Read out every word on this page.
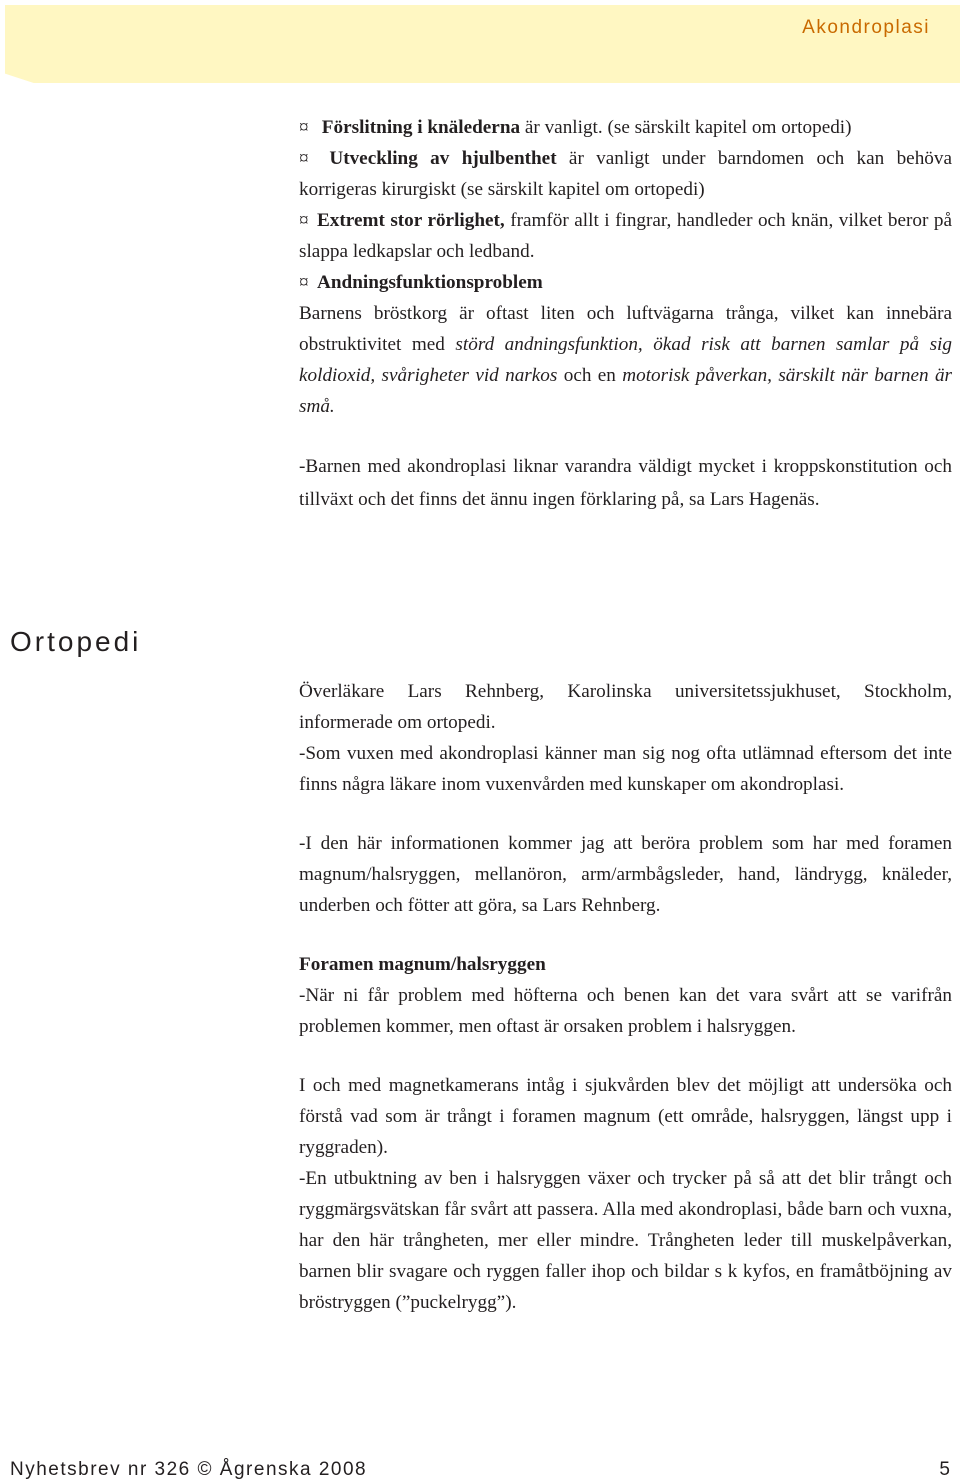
Akondroplasi

¤ Förslitning i knälederna är vanligt. (se särskilt kapitel om ortopedi)

¤ Utveckling av hjulbenthet är vanligt under barndomen och kan behöva korrigeras kirurgiskt (se särskilt kapitel om ortopedi)

¤ Extremt stor rörlighet, framför allt i fingrar, handleder och knän, vilket beror på slappa ledkapslar och ledband.

¤ Andningsfunktionsproblem

Barnens bröstkorg är oftast liten och luftvägarna trånga, vilket kan innebära obstruktivitet med störd andningsfunktion, ökad risk att barnen samlar på sig koldioxid, svårigheter vid narkos och en motorisk påverkan, särskilt när barnen är små.

-Barnen med akondroplasi liknar varandra väldigt mycket i kroppskonstitution och tillväxt och det finns det ännu ingen förklaring på, sa Lars Hagenäs.

Ortopedi

Överläkare Lars Rehnberg, Karolinska universitetssjukhuset, Stockholm, informerade om ortopedi.

-Som vuxen med akondroplasi känner man sig nog ofta utlämnad eftersom det inte finns några läkare inom vuxenvården med kunskaper om akondroplasi.

-I den här informationen kommer jag att beröra problem som har med foramen magnum/halsryggen, mellanöron, arm/armbågsleder, hand, ländrygg, knäleder, underben och fötter att göra, sa Lars Rehnberg.

Foramen magnum/halsryggen

-När ni får problem med höfterna och benen kan det vara svårt att se varifrån problemen kommer, men oftast är orsaken problem i halsryggen.

I och med magnetkamerans intåg i sjukvården blev det möjligt att undersöka och förstå vad som är trångt i foramen magnum (ett område, halsryggen, längst upp i ryggraden).

-En utbuktning av ben i halsryggen växer och trycker på så att det blir trångt och ryggmärgsvätskan får svårt att passera. Alla med akondroplasi, både barn och vuxna, har den här trångheten, mer eller mindre. Trångheten leder till muskelpåverkan, barnen blir svagare och ryggen faller ihop och bildar s k kyfos, en framåtböjning av bröstryggen (”puckelrygg”).

Nyhetsbrev nr 326 © Ågrenska 2008	5
